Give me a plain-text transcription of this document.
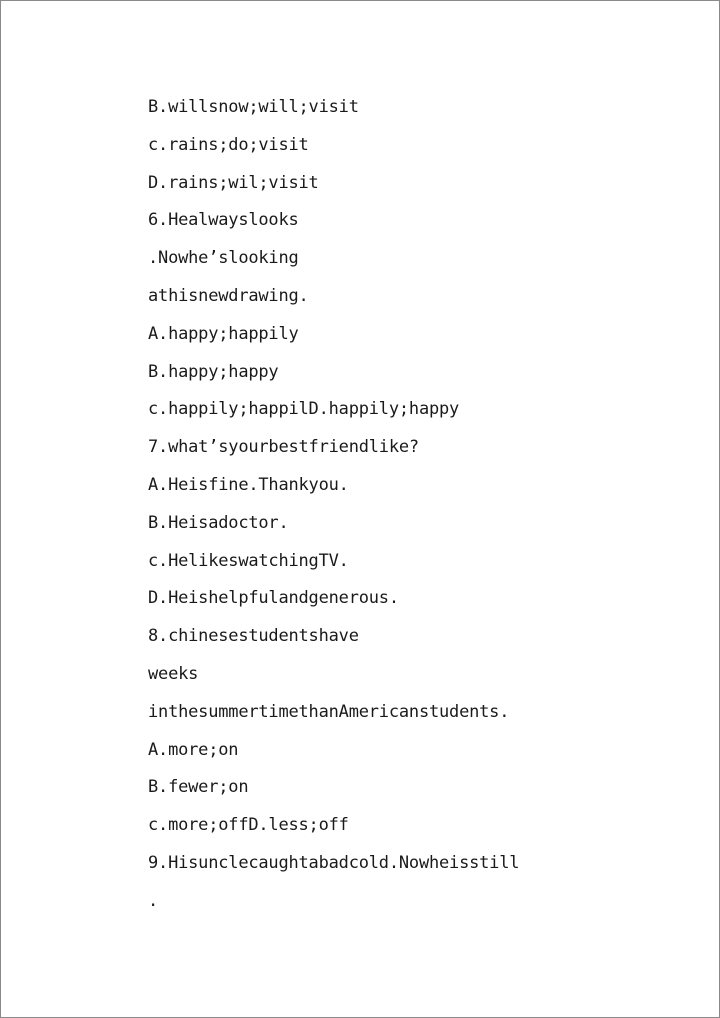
B.willsnow;will;visit
c.rains;do;visit
D.rains;wil;visit
6.Healwayslooks
.Nowhe’slooking
athisnewdrawing.
A.happy;happily
B.happy;happy
c.happily;happilD.happily;happy
7.what’syourbestfriendlike?
A.Heisfine.Thankyou.
B.Heisadoctor.
c.HelikeswatchingTV.
D.Heishelpfulandgenerous.
8.chinesestudentshave
weeks
inthesummertimethanAmericanstudents.
A.more;on
B.fewer;on
c.more;offD.less;off
9.Hisunclecaughtabadcold.Nowheisstill
.
